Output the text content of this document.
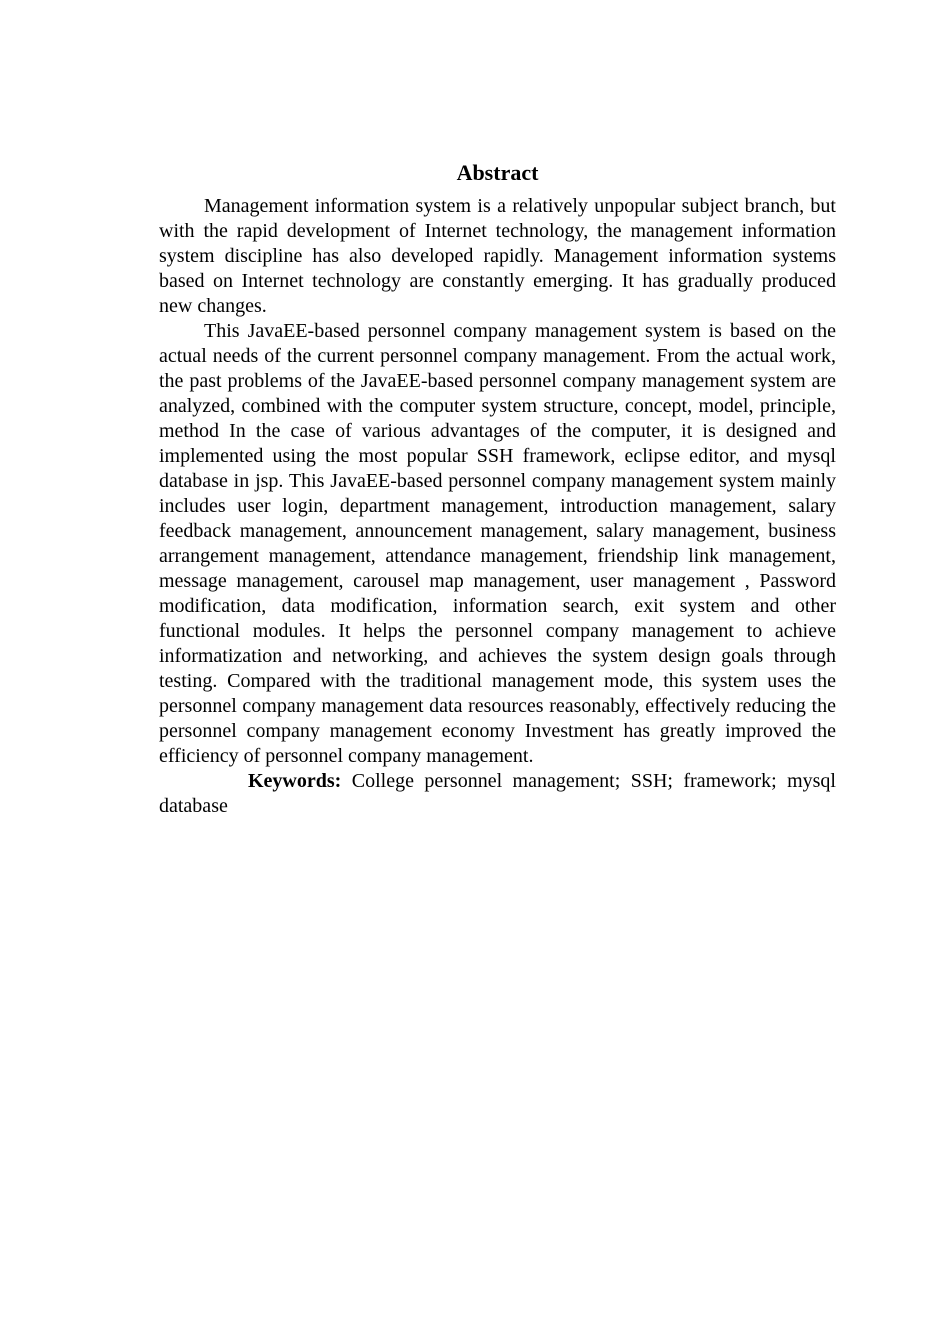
Abstract

Management information system is a relatively unpopular subject branch, but with the rapid development of Internet technology, the management information system discipline has also developed rapidly. Management information systems based on Internet technology are constantly emerging. It has gradually produced new changes.

This JavaEE-based personnel company management system is based on the actual needs of the current personnel company management. From the actual work, the past problems of the JavaEE-based personnel company management system are analyzed, combined with the computer system structure, concept, model, principle, method In the case of various advantages of the computer, it is designed and implemented using the most popular SSH framework, eclipse editor, and mysql database in jsp. This JavaEE-based personnel company management system mainly includes user login, department management, introduction management, salary feedback management, announcement management, salary management, business arrangement management, attendance management, friendship link management, message management, carousel map management, user management , Password modification, data modification, information search, exit system and other functional modules. It helps the personnel company management to achieve informatization and networking, and achieves the system design goals through testing. Compared with the traditional management mode, this system uses the personnel company management data resources reasonably, effectively reducing the personnel company management economy Investment has greatly improved the efficiency of personnel company management.

Keywords: College personnel management; SSH; framework; mysql database
